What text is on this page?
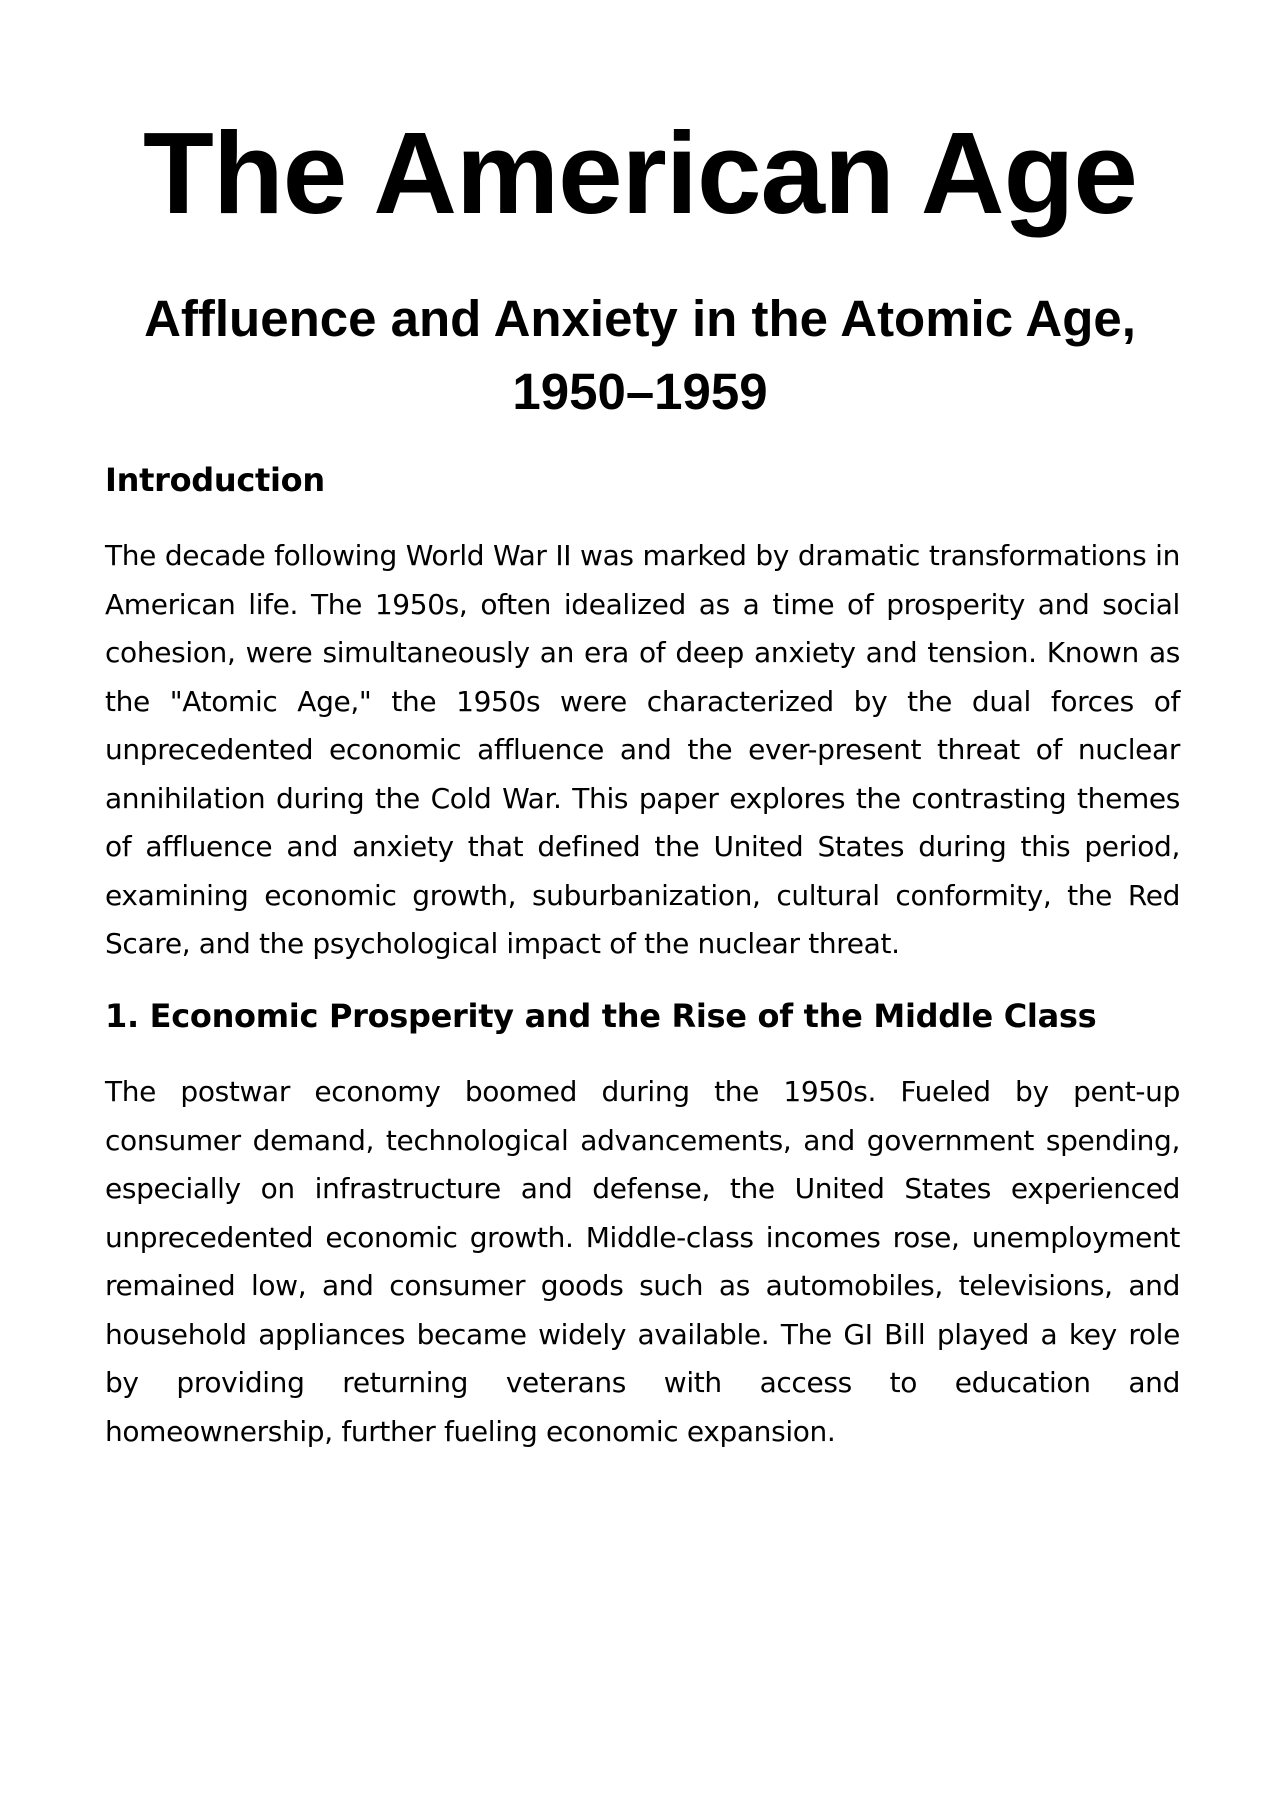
The American Age
Affluence and Anxiety in the Atomic Age, 1950–1959
Introduction

The decade following World War II was marked by dramatic transformations in American life. The 1950s, often idealized as a time of prosperity and social cohesion, were simultaneously an era of deep anxiety and tension. Known as the "Atomic Age," the 1950s were characterized by the dual forces of unprecedented economic affluence and the ever-present threat of nuclear annihilation during the Cold War. This paper explores the contrasting themes of affluence and anxiety that defined the United States during this period, examining economic growth, suburbanization, cultural conformity, the Red Scare, and the psychological impact of the nuclear threat.

1. Economic Prosperity and the Rise of the Middle Class

The postwar economy boomed during the 1950s. Fueled by pent-up consumer demand, technological advancements, and government spending, especially on infrastructure and defense, the United States experienced unprecedented economic growth. Middle-class incomes rose, unemployment remained low, and consumer goods such as automobiles, televisions, and household appliances became widely available. The GI Bill played a key role by providing returning veterans with access to education and homeownership, further fueling economic expansion.
